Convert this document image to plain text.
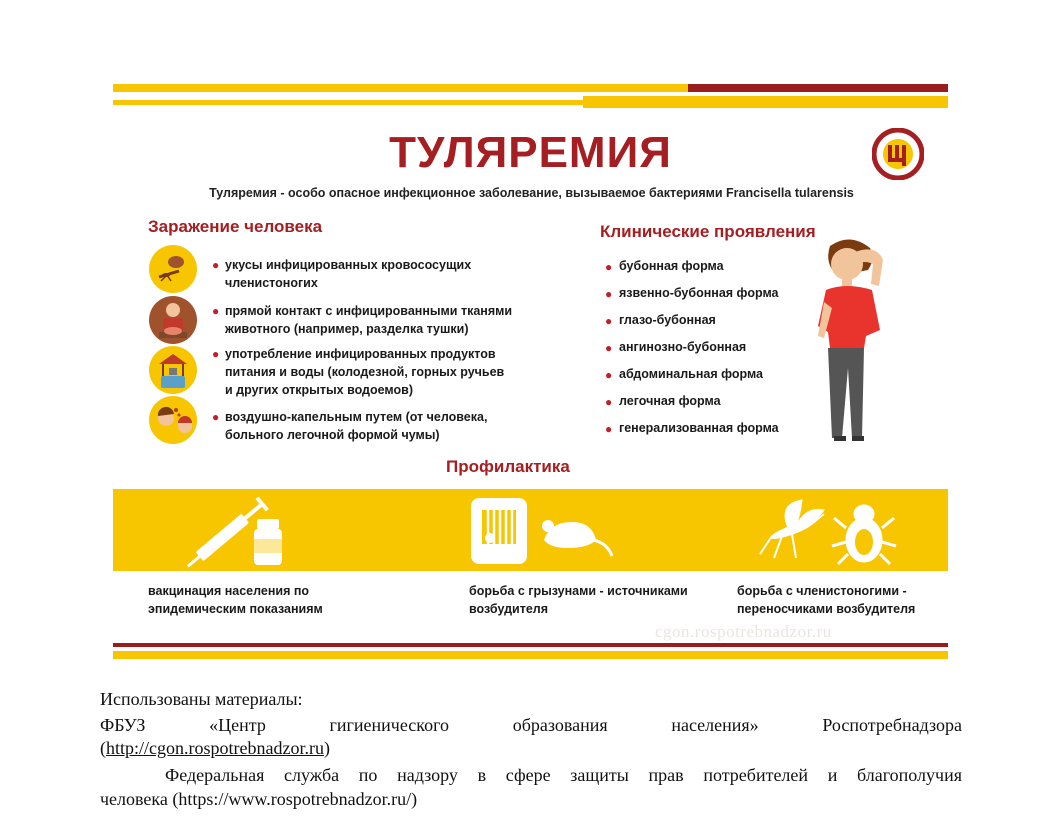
ТУЛЯРЕМИЯ
Туляремия - особо опасное инфекционное заболевание, вызываемое бактериями Francisella tularensis
Заражение человека
● укусы инфицированных кровососущих членистоногих
● прямой контакт с инфицированными тканями животного (например, разделка тушки)
● употребление инфицированных продуктов питания и воды (колодезной, горных ручьев и других открытых водоемов)
● воздушно-капельным путем (от человека, больного легочной формой чумы)
Клинические проявления
● бубонная форма
● язвенно-бубонная форма
● глазо-бубонная
● ангинозно-бубонная
● абдоминальная форма
● легочная форма
● генерализованная форма
Профилактика
вакцинация населения по эпидемическим показаниям
борьба с грызунами - источниками возбудителя
борьба с членистоногими - переносчиками возбудителя
cgon.rospotrebnadzor.ru
Использованы материалы:
ФБУЗ «Центр гигиенического образования населения» Роспотребнадзора
(http://cgon.rospotrebnadzor.ru)
Федеральная служба по надзору в сфере защиты прав потребителей и благополучия
человека (https://www.rospotrebnadzor.ru/)
